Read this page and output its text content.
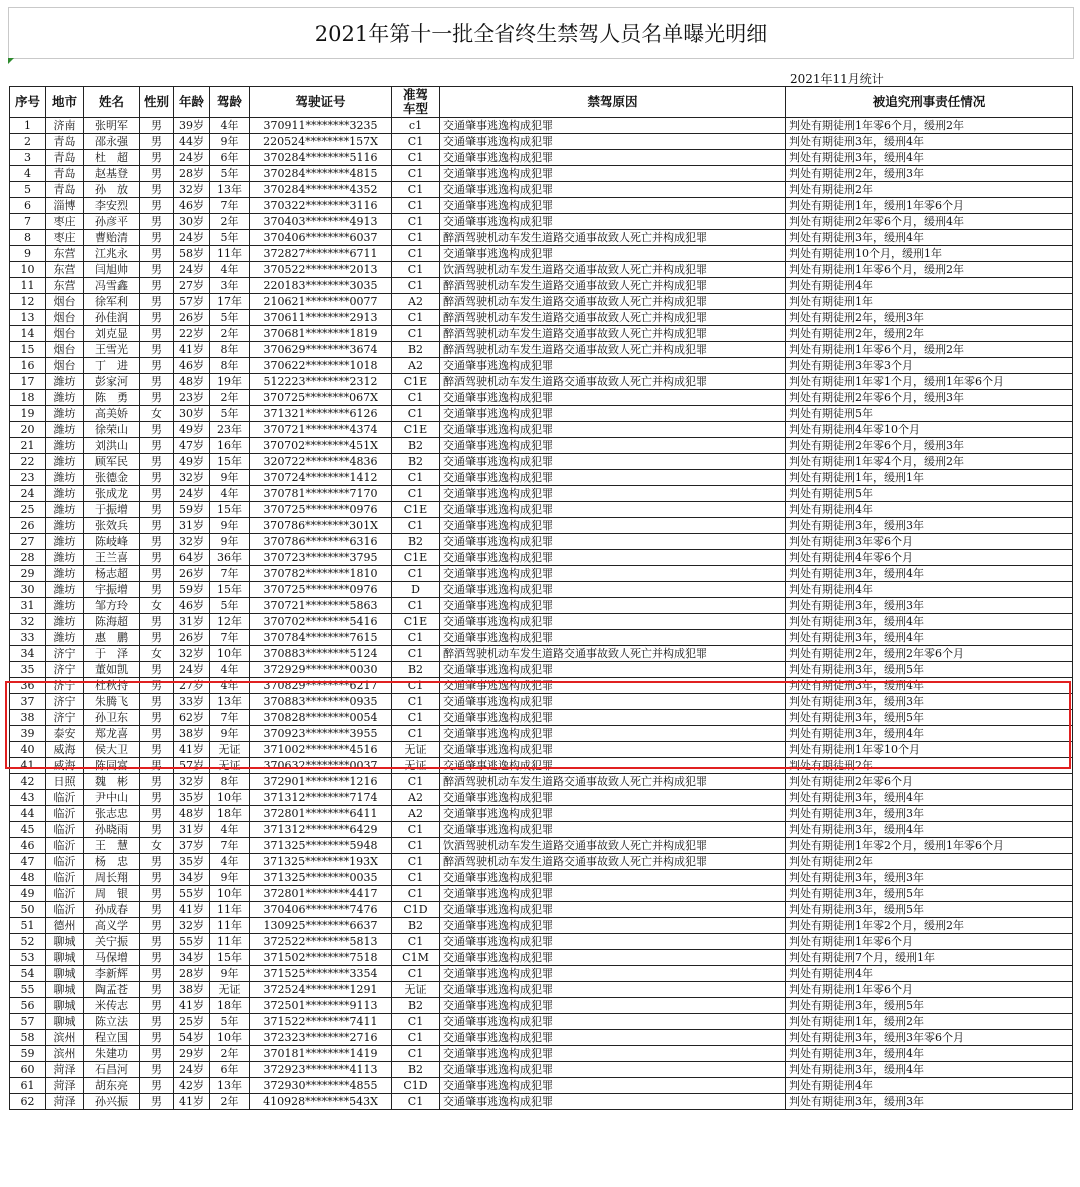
2021年第十一批全省终生禁驾人员名单曝光明细
2021年11月统计
序号	地市	姓名	性别	年龄	驾龄	驾驶证号	准驾
车型	禁驾原因	被追究刑事责任情况
1	济南	张明军	男	39岁	4年	370911********3235	c1	交通肇事逃逸构成犯罪	判处有期徒刑1年零6个月，缓刑2年
2	青岛	邵永强	男	44岁	9年	220524********157X	C1	交通肇事逃逸构成犯罪	判处有期徒刑3年，缓刑4年
3	青岛	杜　超	男	24岁	6年	370284********5116	C1	交通肇事逃逸构成犯罪	判处有期徒刑3年，缓刑4年
4	青岛	赵基登	男	28岁	5年	370284********4815	C1	交通肇事逃逸构成犯罪	判处有期徒刑2年，缓刑3年
5	青岛	孙　放	男	32岁	13年	370284********4352	C1	交通肇事逃逸构成犯罪	判处有期徒刑2年
6	淄博	李安烈	男	46岁	7年	370322********3116	C1	交通肇事逃逸构成犯罪	判处有期徒刑1年，缓刑1年零6个月
7	枣庄	孙彦平	男	30岁	2年	370403********4913	C1	交通肇事逃逸构成犯罪	判处有期徒刑2年零6个月，缓刑4年
8	枣庄	曹贻清	男	24岁	5年	370406********6037	C1	醉酒驾驶机动车发生道路交通事故致人死亡并构成犯罪	判处有期徒刑3年，缓刑4年
9	东营	江兆永	男	58岁	11年	372827********6711	C1	交通肇事逃逸构成犯罪	判处有期徒刑10个月，缓刑1年
10	东营	闫旭帅	男	24岁	4年	370522********2013	C1	饮酒驾驶机动车发生道路交通事故致人死亡并构成犯罪	判处有期徒刑1年零6个月，缓刑2年
11	东营	冯雪鑫	男	27岁	3年	220183********3035	C1	醉酒驾驶机动车发生道路交通事故致人死亡并构成犯罪	判处有期徒刑4年
12	烟台	徐军利	男	57岁	17年	210621********0077	A2	醉酒驾驶机动车发生道路交通事故致人死亡并构成犯罪	判处有期徒刑1年
13	烟台	孙佳润	男	26岁	5年	370611********2913	C1	醉酒驾驶机动车发生道路交通事故致人死亡并构成犯罪	判处有期徒刑2年，缓刑3年
14	烟台	刘克显	男	22岁	2年	370681********1819	C1	醉酒驾驶机动车发生道路交通事故致人死亡并构成犯罪	判处有期徒刑2年，缓刑2年
15	烟台	王雪光	男	41岁	8年	370629********3674	B2	醉酒驾驶机动车发生道路交通事故致人死亡并构成犯罪	判处有期徒刑1年零6个月，缓刑2年
16	烟台	丁　进	男	46岁	8年	370622********1018	A2	交通肇事逃逸构成犯罪	判处有期徒刑3年零3个月
17	潍坊	彭家河	男	48岁	19年	512223********2312	C1E	醉酒驾驶机动车发生道路交通事故致人死亡并构成犯罪	判处有期徒刑1年零1个月，缓刑1年零6个月
18	潍坊	陈　勇	男	23岁	2年	370725********067X	C1	交通肇事逃逸构成犯罪	判处有期徒刑2年零6个月，缓刑3年
19	潍坊	高美娇	女	30岁	5年	371321********6126	C1	交通肇事逃逸构成犯罪	判处有期徒刑5年
20	潍坊	徐荣山	男	49岁	23年	370721********4374	C1E	交通肇事逃逸构成犯罪	判处有期徒刑4年零10个月
21	潍坊	刘洪山	男	47岁	16年	370702********451X	B2	交通肇事逃逸构成犯罪	判处有期徒刑2年零6个月，缓刑3年
22	潍坊	顾军民	男	49岁	15年	320722********4836	B2	交通肇事逃逸构成犯罪	判处有期徒刑1年零4个月，缓刑2年
23	潍坊	张德金	男	32岁	9年	370724********1412	C1	交通肇事逃逸构成犯罪	判处有期徒刑1年，缓刑1年
24	潍坊	张成龙	男	24岁	4年	370781********7170	C1	交通肇事逃逸构成犯罪	判处有期徒刑5年
25	潍坊	于振增	男	59岁	15年	370725********0976	C1E	交通肇事逃逸构成犯罪	判处有期徒刑4年
26	潍坊	张效兵	男	31岁	9年	370786********301X	C1	交通肇事逃逸构成犯罪	判处有期徒刑3年，缓刑3年
27	潍坊	陈岐峰	男	32岁	9年	370786********6316	B2	交通肇事逃逸构成犯罪	判处有期徒刑3年零6个月
28	潍坊	王兰喜	男	64岁	36年	370723********3795	C1E	交通肇事逃逸构成犯罪	判处有期徒刑4年零6个月
29	潍坊	杨志超	男	26岁	7年	370782********1810	C1	交通肇事逃逸构成犯罪	判处有期徒刑3年，缓刑4年
30	潍坊	宇振增	男	59岁	15年	370725********0976	D	交通肇事逃逸构成犯罪	判处有期徒刑4年
31	潍坊	邹方玲	女	46岁	5年	370721********5863	C1	交通肇事逃逸构成犯罪	判处有期徒刑3年，缓刑3年
32	潍坊	陈海超	男	31岁	12年	370702********5416	C1E	交通肇事逃逸构成犯罪	判处有期徒刑3年，缓刑4年
33	潍坊	惠　鹏	男	26岁	7年	370784********7615	C1	交通肇事逃逸构成犯罪	判处有期徒刑3年，缓刑4年
34	济宁	于　泽	女	32岁	10年	370883********5124	C1	醉酒驾驶机动车发生道路交通事故致人死亡并构成犯罪	判处有期徒刑2年，缓刑2年零6个月
35	济宁	董如凯	男	24岁	4年	372929********0030	B2	交通肇事逃逸构成犯罪	判处有期徒刑3年，缓刑5年
36	济宁	杜秋持	男	27岁	4年	370829********6217	C1	交通肇事逃逸构成犯罪	判处有期徒刑3年，缓刑4年
37	济宁	朱腾飞	男	33岁	13年	370883********0935	C1	交通肇事逃逸构成犯罪	判处有期徒刑3年，缓刑3年
38	济宁	孙卫东	男	62岁	7年	370828********0054	C1	交通肇事逃逸构成犯罪	判处有期徒刑3年，缓刑5年
39	泰安	郑龙喜	男	38岁	9年	370923********3955	C1	交通肇事逃逸构成犯罪	判处有期徒刑3年，缓刑4年
40	威海	侯大卫	男	41岁	无证	371002********4516	无证	交通肇事逃逸构成犯罪	判处有期徒刑1年零10个月
41	威海	陈同富	男	57岁	无证	370632********0037	无证	交通肇事逃逸构成犯罪	判处有期徒刑2年
42	日照	魏　彬	男	32岁	8年	372901********1216	C1	醉酒驾驶机动车发生道路交通事故致人死亡并构成犯罪	判处有期徒刑2年零6个月
43	临沂	尹中山	男	35岁	10年	371312********7174	A2	交通肇事逃逸构成犯罪	判处有期徒刑3年，缓刑4年
44	临沂	张志忠	男	48岁	18年	372801********6411	A2	交通肇事逃逸构成犯罪	判处有期徒刑3年，缓刑3年
45	临沂	孙晓雨	男	31岁	4年	371312********6429	C1	交通肇事逃逸构成犯罪	判处有期徒刑3年，缓刑4年
46	临沂	王　慧	女	37岁	7年	371325********5948	C1	饮酒驾驶机动车发生道路交通事故致人死亡并构成犯罪	判处有期徒刑1年零2个月，缓刑1年零6个月
47	临沂	杨　忠	男	35岁	4年	371325********193X	C1	醉酒驾驶机动车发生道路交通事故致人死亡并构成犯罪	判处有期徒刑2年
48	临沂	周长翔	男	34岁	9年	371325********0035	C1	交通肇事逃逸构成犯罪	判处有期徒刑3年，缓刑3年
49	临沂	周　银	男	55岁	10年	372801********4417	C1	交通肇事逃逸构成犯罪	判处有期徒刑3年，缓刑5年
50	临沂	孙成春	男	41岁	11年	370406********7476	C1D	交通肇事逃逸构成犯罪	判处有期徒刑3年，缓刑5年
51	德州	高义学	男	32岁	11年	130925********6637	B2	交通肇事逃逸构成犯罪	判处有期徒刑1年零2个月，缓刑2年
52	聊城	关宁振	男	55岁	11年	372522********5813	C1	交通肇事逃逸构成犯罪	判处有期徒刑1年零6个月
53	聊城	马保增	男	34岁	15年	371502********7518	C1M	交通肇事逃逸构成犯罪	判处有期徒刑7个月，缓刑1年
54	聊城	李新辉	男	28岁	9年	371525********3354	C1	交通肇事逃逸构成犯罪	判处有期徒刑4年
55	聊城	陶孟苍	男	38岁	无证	372524********1291	无证	交通肇事逃逸构成犯罪	判处有期徒刑1年零6个月
56	聊城	米传志	男	41岁	18年	372501********9113	B2	交通肇事逃逸构成犯罪	判处有期徒刑3年，缓刑5年
57	聊城	陈立法	男	25岁	5年	371522********7411	C1	交通肇事逃逸构成犯罪	判处有期徒刑1年，缓刑2年
58	滨州	程立国	男	54岁	10年	372323********2716	C1	交通肇事逃逸构成犯罪	判处有期徒刑3年，缓刑3年零6个月
59	滨州	朱建功	男	29岁	2年	370181********1419	C1	交通肇事逃逸构成犯罪	判处有期徒刑3年，缓刑4年
60	菏泽	石昌河	男	24岁	6年	372923********4113	B2	交通肇事逃逸构成犯罪	判处有期徒刑3年，缓刑4年
61	菏泽	胡东亮	男	42岁	13年	372930********4855	C1D	交通肇事逃逸构成犯罪	判处有期徒刑4年
62	菏泽	孙兴振	男	41岁	2年	410928********543X	C1	交通肇事逃逸构成犯罪	判处有期徒刑3年，缓刑3年
